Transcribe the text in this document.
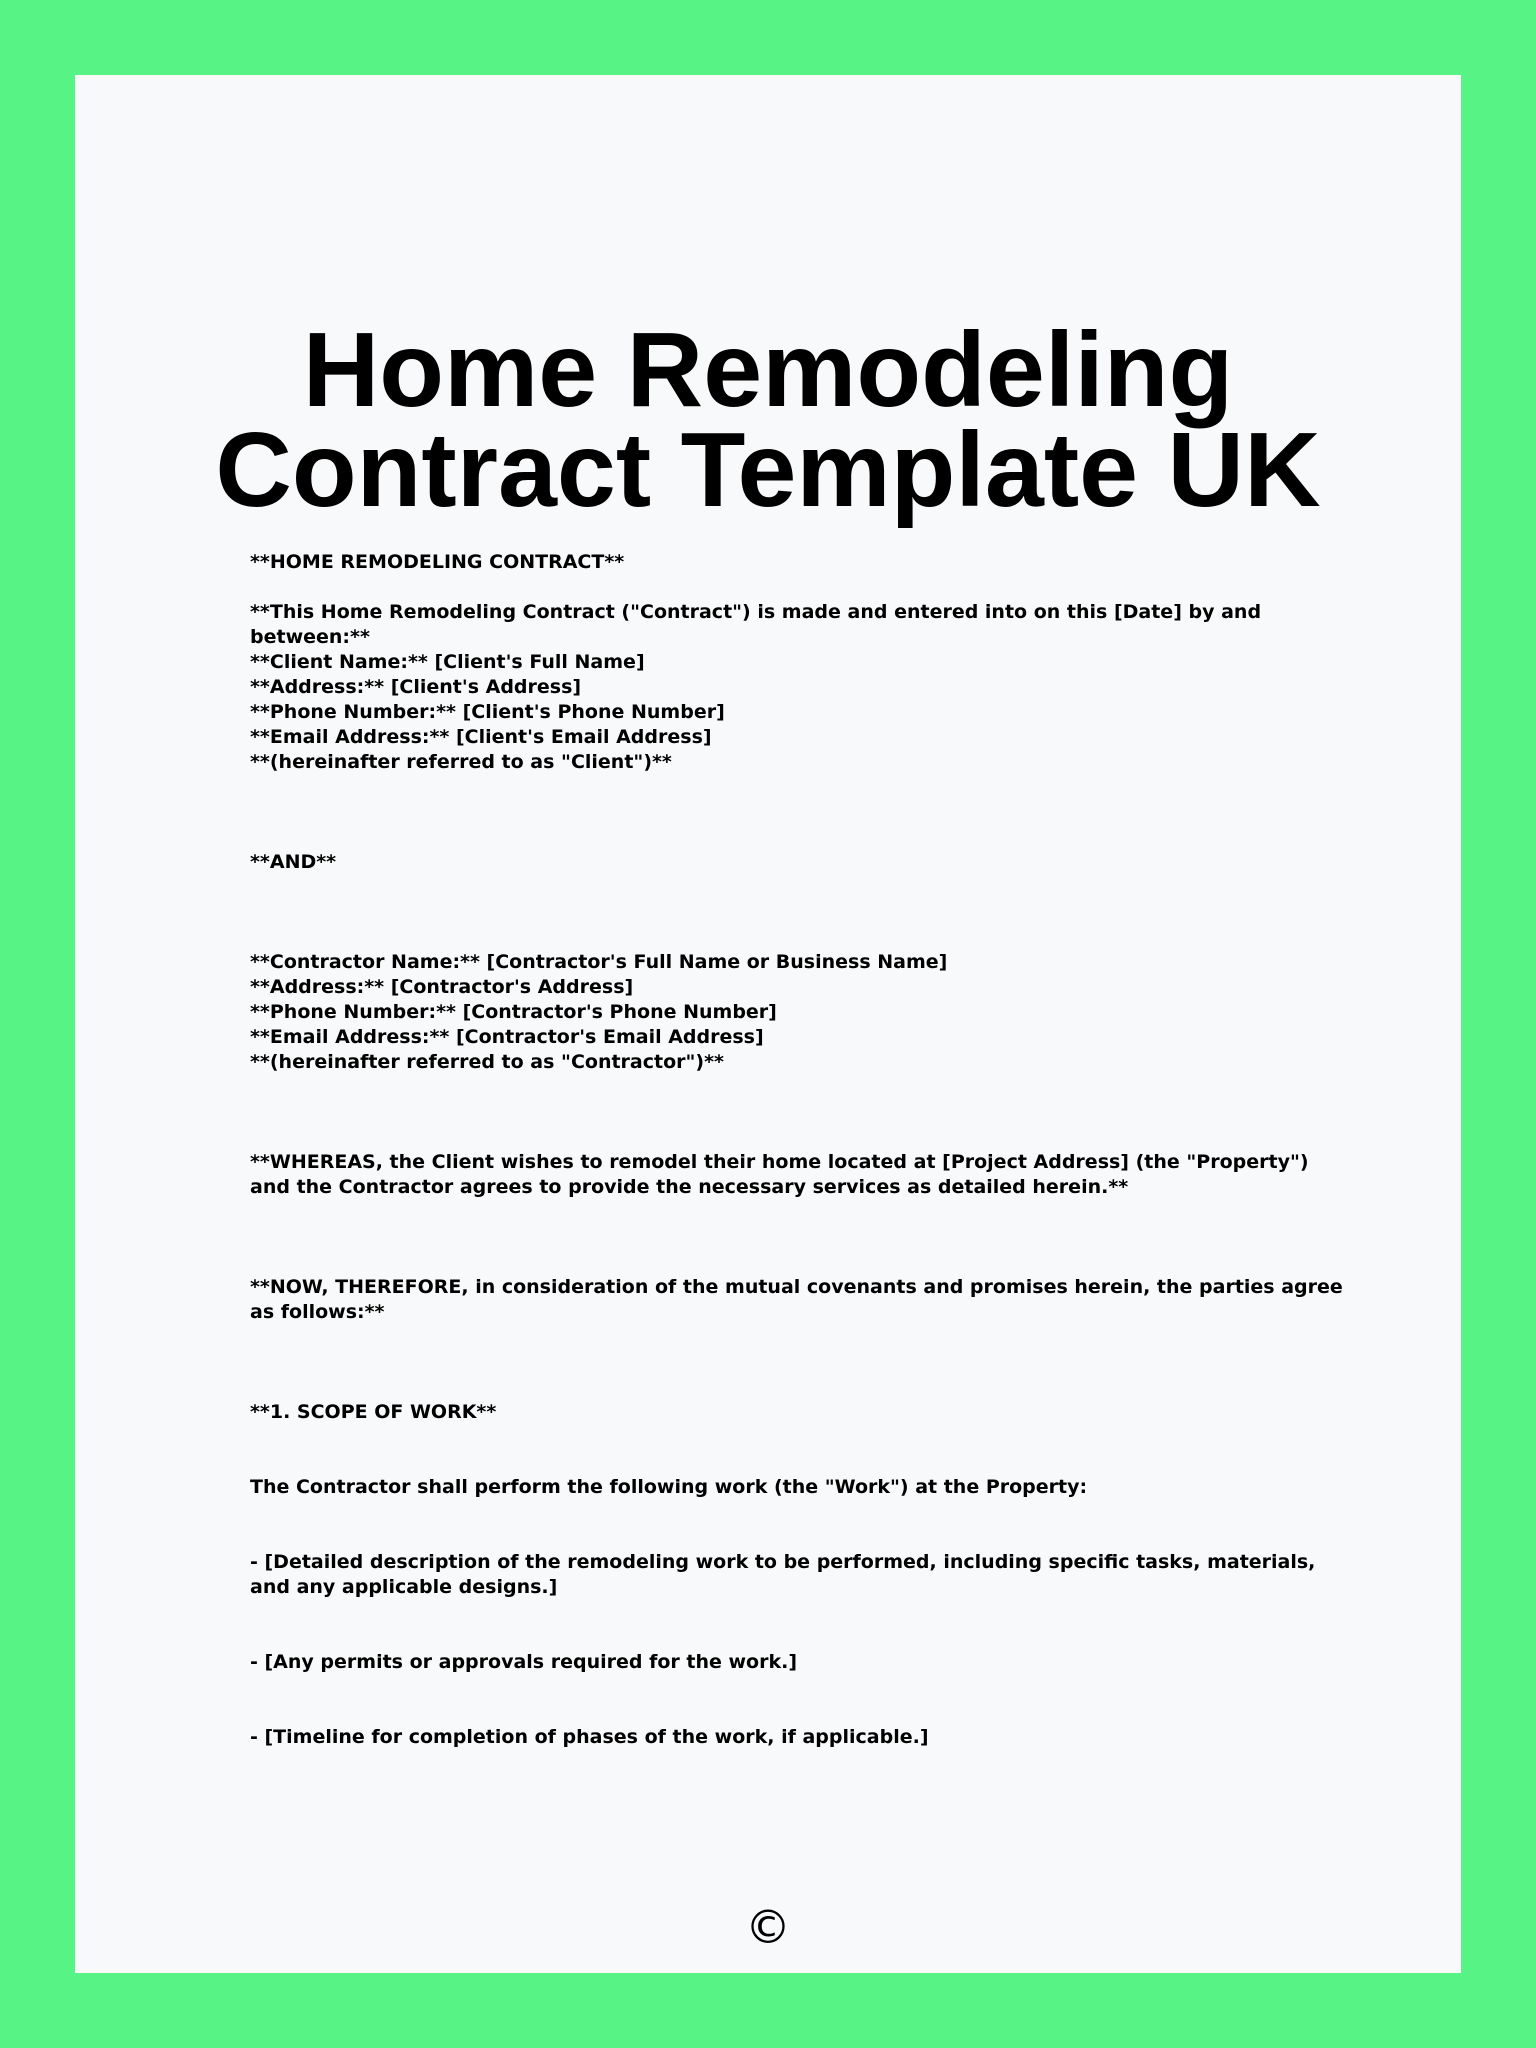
Home Remodeling Contract Template UK

**HOME REMODELING CONTRACT**

**This Home Remodeling Contract ("Contract") is made and entered into on this [Date] by and between:**

**Client Name:** [Client's Full Name]
**Address:** [Client's Address]
**Phone Number:** [Client's Phone Number]
**Email Address:** [Client's Email Address]
**(hereinafter referred to as "Client")**

**AND**

**Contractor Name:** [Contractor's Full Name or Business Name]
**Address:** [Contractor's Address]
**Phone Number:** [Contractor's Phone Number]
**Email Address:** [Contractor's Email Address]
**(hereinafter referred to as "Contractor")**

**WHEREAS, the Client wishes to remodel their home located at [Project Address] (the "Property") and the Contractor agrees to provide the necessary services as detailed herein.**

**NOW, THEREFORE, in consideration of the mutual covenants and promises herein, the parties agree as follows:**

**1. SCOPE OF WORK**

The Contractor shall perform the following work (the "Work") at the Property:

- [Detailed description of the remodeling work to be performed, including specific tasks, materials, and any applicable designs.]

- [Any permits or approvals required for the work.]

- [Timeline for completion of phases of the work, if applicable.]

©
